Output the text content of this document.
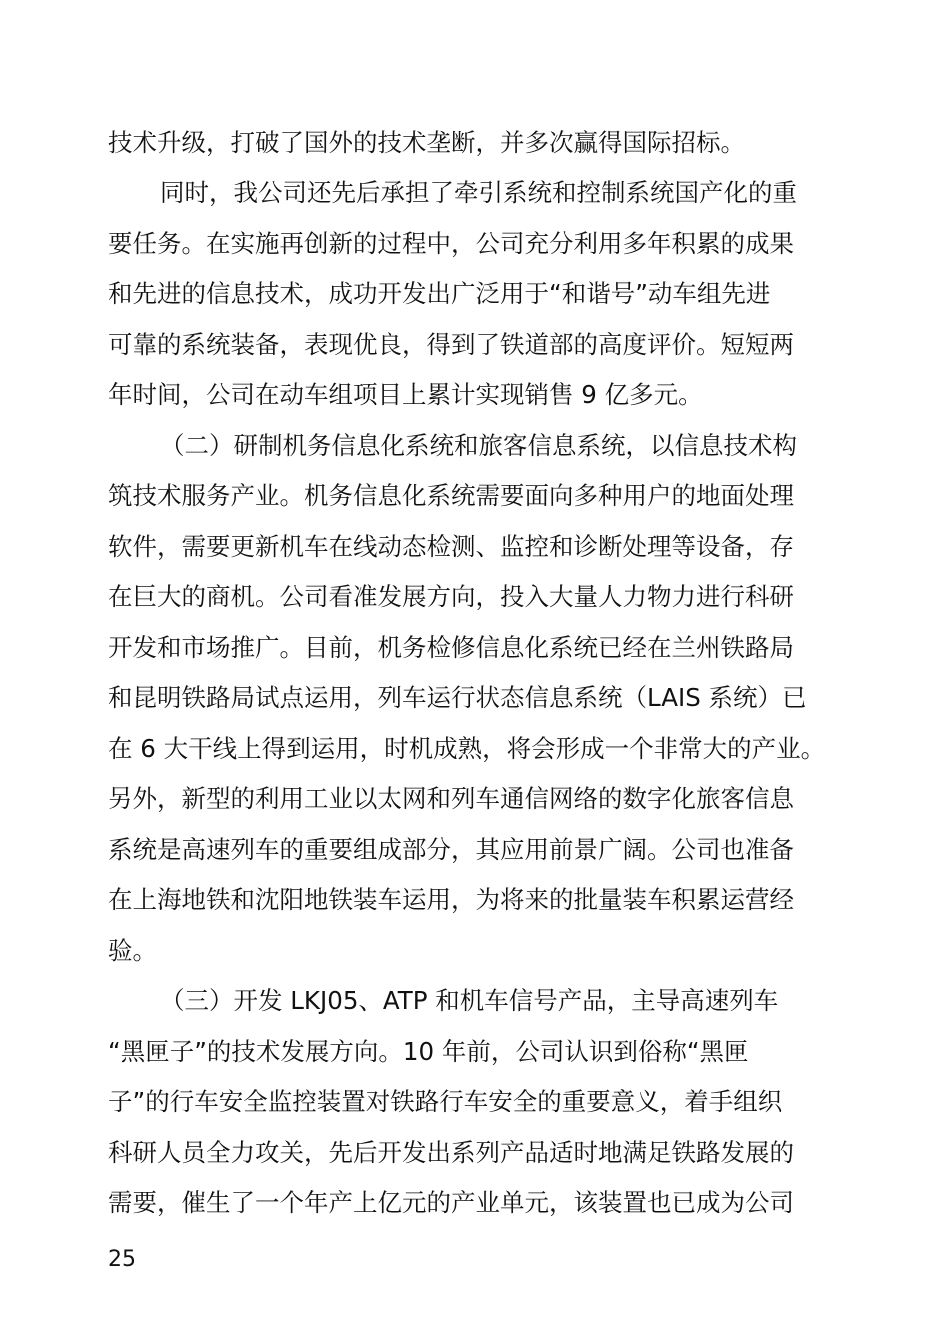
技术升级，打破了国外的技术垄断，并多次赢得国际招标。
同时，我公司还先后承担了牵引系统和控制系统国产化的重
要任务。在实施再创新的过程中，公司充分利用多年积累的成果
和先进的信息技术，成功开发出广泛用于“和谐号”动车组先进
可靠的系统装备，表现优良，得到了铁道部的高度评价。短短两
年时间，公司在动车组项目上累计实现销售 9 亿多元。
（二）研制机务信息化系统和旅客信息系统，以信息技术构
筑技术服务产业。机务信息化系统需要面向多种用户的地面处理
软件，需要更新机车在线动态检测、监控和诊断处理等设备，存
在巨大的商机。公司看准发展方向，投入大量人力物力进行科研
开发和市场推广。目前，机务检修信息化系统已经在兰州铁路局
和昆明铁路局试点运用，列车运行状态信息系统（LAIS 系统）已
在 6 大干线上得到运用，时机成熟，将会形成一个非常大的产业。
另外，新型的利用工业以太网和列车通信网络的数字化旅客信息
系统是高速列车的重要组成部分，其应用前景广阔。公司也准备
在上海地铁和沈阳地铁装车运用，为将来的批量装车积累运营经
验。
（三）开发 LKJ05、ATP 和机车信号产品，主导高速列车
“黑匣子”的技术发展方向。10 年前，公司认识到俗称“黑匣
子”的行车安全监控装置对铁路行车安全的重要意义，着手组织
科研人员全力攻关，先后开发出系列产品适时地满足铁路发展的
需要，催生了一个年产上亿元的产业单元，该装置也已成为公司
25
